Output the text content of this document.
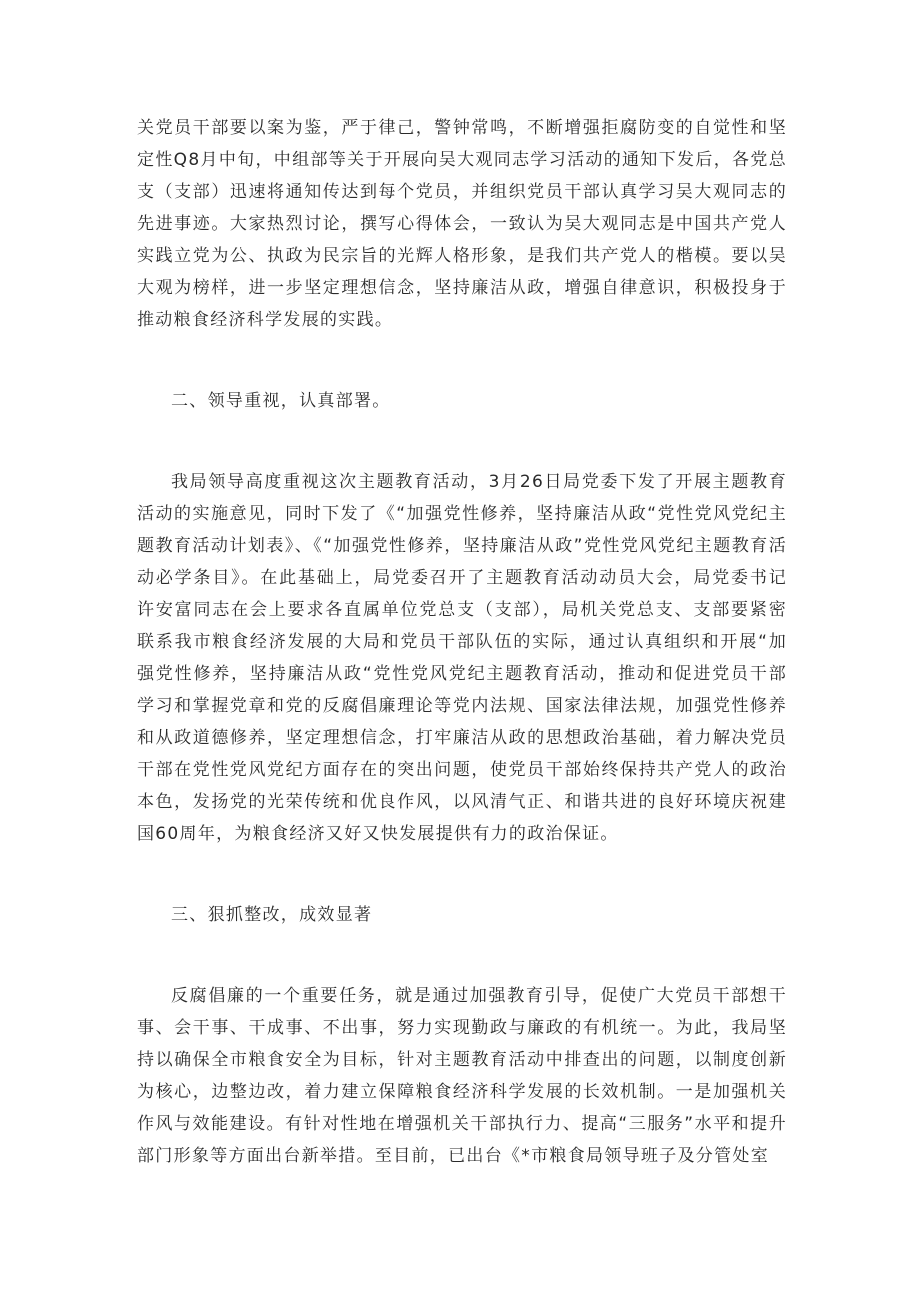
关党员干部要以案为鉴，严于律己，警钟常鸣，不断增强拒腐防变的自觉性和坚定性Q8月中旬，中组部等关于开展向吴大观同志学习活动的通知下发后，各党总支（支部）迅速将通知传达到每个党员，并组织党员干部认真学习吴大观同志的先进事迹。大家热烈讨论，撰写心得体会，一致认为吴大观同志是中国共产党人实践立党为公、执政为民宗旨的光辉人格形象，是我们共产党人的楷模。要以吴大观为榜样，进一步坚定理想信念，坚持廉洁从政，增强自律意识，积极投身于推动粮食经济科学发展的实践。

二、领导重视，认真部署。

我局领导高度重视这次主题教育活动，3月26日局党委下发了开展主题教育活动的实施意见，同时下发了《“加强党性修养，坚持廉洁从政“党性党风党纪主题教育活动计划表》、《“加强党性修养，坚持廉洁从政”党性党风党纪主题教育活动必学条目》。在此基础上，局党委召开了主题教育活动动员大会，局党委书记许安富同志在会上要求各直属单位党总支（支部），局机关党总支、支部要紧密联系我市粮食经济发展的大局和党员干部队伍的实际，通过认真组织和开展“加强党性修养，坚持廉洁从政“党性党风党纪主题教育活动，推动和促进党员干部学习和掌握党章和党的反腐倡廉理论等党内法规、国家法律法规，加强党性修养和从政道德修养，坚定理想信念，打牢廉洁从政的思想政治基础，着力解决党员干部在党性党风党纪方面存在的突出问题，使党员干部始终保持共产党人的政治本色，发扬党的光荣传统和优良作风，以风清气正、和谐共进的良好环境庆祝建国60周年，为粮食经济又好又快发展提供有力的政治保证。

三、狠抓整改，成效显著

反腐倡廉的一个重要任务，就是通过加强教育引导，促使广大党员干部想干事、会干事、干成事、不出事，努力实现勤政与廉政的有机统一。为此，我局坚持以确保全市粮食安全为目标，针对主题教育活动中排查出的问题，以制度创新为核心，边整边改，着力建立保障粮食经济科学发展的长效机制。一是加强机关作风与效能建设。有针对性地在增强机关干部执行力、提高“三服务”水平和提升部门形象等方面出台新举措。至目前，已出台《*市粮食局领导班子及分管处室
